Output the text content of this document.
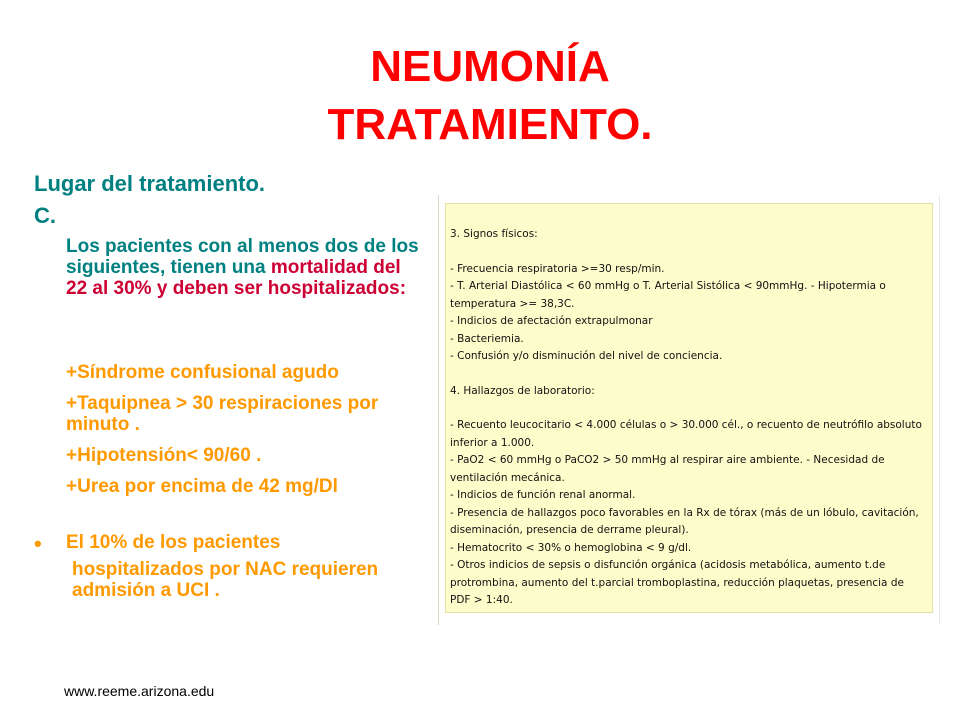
NEUMONÍA
TRATAMIENTO.
Lugar del tratamiento.
C.
Los pacientes con al menos dos de los siguientes, tienen una mortalidad del 22 al 30% y deben ser hospitalizados:
+Síndrome confusional agudo
+Taquipnea > 30 respiraciones por minuto .
+Hipotensión< 90/60 .
+Urea por encima de 42 mg/Dl
• El 10% de los pacientes
hospitalizados por NAC requieren admisión a UCI .
3. Signos físicos:
- Frecuencia respiratoria >=30 resp/min.
- T. Arterial Diastólica < 60 mmHg o T. Arterial Sistólica < 90mmHg. - Hipotermia o temperatura >= 38,3C.
- Indicios de afectación extrapulmonar
- Bacteriemia.
- Confusión y/o disminución del nivel de conciencia.
4. Hallazgos de laboratorio:
- Recuento leucocitario < 4.000 células o > 30.000 cél., o recuento de neutrófilo absoluto inferior a 1.000.
- PaO2 < 60 mmHg o PaCO2 > 50 mmHg al respirar aire ambiente. - Necesidad de ventilación mecánica.
- Indicios de función renal anormal.
- Presencia de hallazgos poco favorables en la Rx de tórax (más de un lóbulo, cavitación, diseminación, presencia de derrame pleural).
- Hematocrito < 30% o hemoglobina < 9 g/dl.
- Otros indicios de sepsis o disfunción orgánica (acidosis metabólica, aumento t.de protrombina, aumento del t.parcial tromboplastina, reducción plaquetas, presencia de PDF > 1:40.
www.reeme.arizona.edu
